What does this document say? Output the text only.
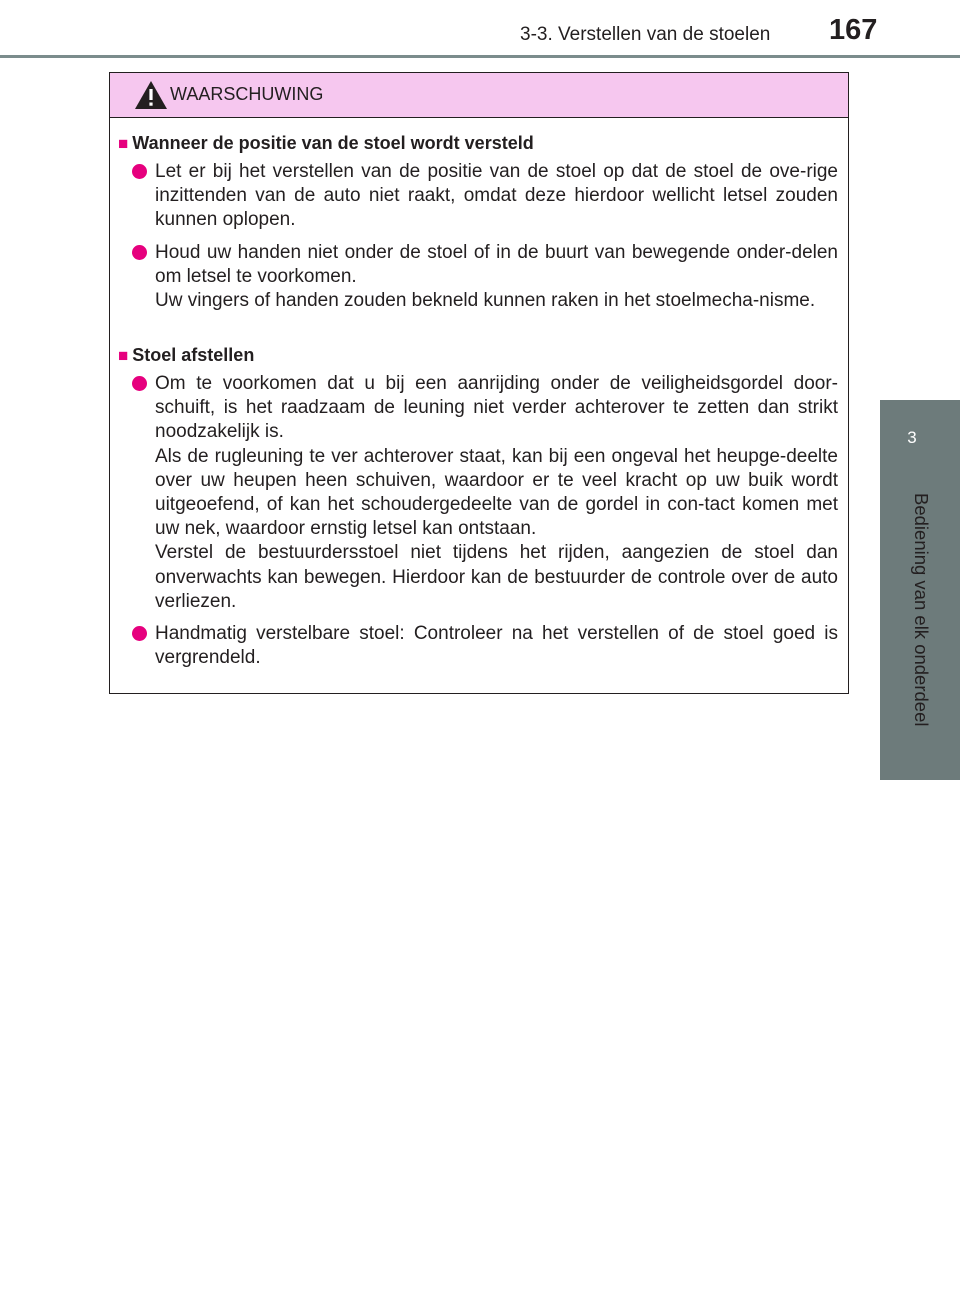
3-3. Verstellen van de stoelen 167
3
Bediening van elk onderdeel
WAARSCHUWING
■ Wanneer de positie van de stoel wordt versteld
Let er bij het verstellen van de positie van de stoel op dat de stoel de ove-rige inzittenden van de auto niet raakt, omdat deze hierdoor wellicht letsel zouden kunnen oplopen.
Houd uw handen niet onder de stoel of in de buurt van bewegende onder-delen om letsel te voorkomen.
Uw vingers of handen zouden bekneld kunnen raken in het stoelmecha-nisme.
■ Stoel afstellen
Om te voorkomen dat u bij een aanrijding onder de veiligheidsgordel door-schuift, is het raadzaam de leuning niet verder achterover te zetten dan strikt noodzakelijk is.
Als de rugleuning te ver achterover staat, kan bij een ongeval het heupge-deelte over uw heupen heen schuiven, waardoor er te veel kracht op uw buik wordt uitgeoefend, of kan het schoudergedeelte van de gordel in con-tact komen met uw nek, waardoor ernstig letsel kan ontstaan.
Verstel de bestuurdersstoel niet tijdens het rijden, aangezien de stoel dan onverwachts kan bewegen. Hierdoor kan de bestuurder de controle over de auto verliezen.
Handmatig verstelbare stoel: Controleer na het verstellen of de stoel goed is vergrendeld.
